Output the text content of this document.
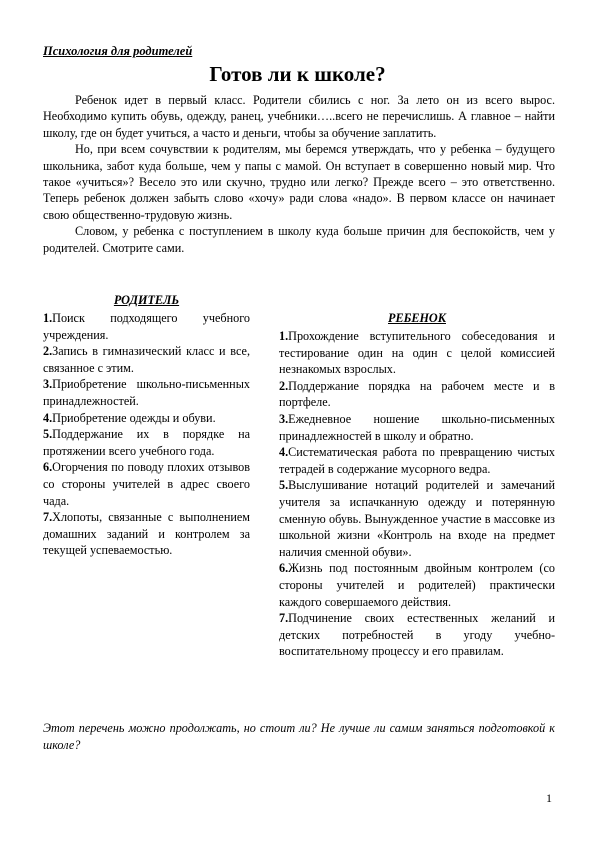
Психология для родителей
Готов ли к школе?

Ребенок идет в первый класс. Родители сбились с ног. За лето он из всего вырос. Необходимо купить обувь, одежду, ранец, учебники…..всего не перечислишь. А главное – найти школу, где он будет учиться, а часто и деньги, чтобы за обучение заплатить.

Но, при всем сочувствии к родителям, мы беремся утверждать, что у ребенка – будущего школьника, забот куда больше, чем у папы с мамой. Он вступает в совершенно новый мир. Что такое «учиться»? Весело это или скучно, трудно или легко? Прежде всего – это ответственно. Теперь ребенок должен забыть слово «хочу» ради слова «надо». В первом классе он начинает свою общественно-трудовую жизнь.

Словом, у ребенка с поступлением в школу куда больше причин для беспокойств, чем у родителей. Смотрите сами.

РОДИТЕЛЬ
1.Поиск подходящего учебного учреждения.
2.Запись в гимназический класс и все, связанное с этим.
3.Приобретение школьно-письменных принадлежностей.
4.Приобретение одежды и обуви.
5.Поддержание их в порядке на протяжении всего учебного года.
6.Огорчения по поводу плохих отзывов со стороны учителей в адрес своего чада.
7.Хлопоты, связанные с выполнением домашних заданий и контролем за текущей успеваемостью.
РЕБЕНОК
1.Прохождение вступительного собеседования и тестирование один на один с целой комиссией незнакомых взрослых.
2.Поддержание порядка на рабочем месте и в портфеле.
3.Ежедневное ношение школьно-письменных принадлежностей в школу и обратно.
4.Систематическая работа по превращению чистых тетрадей в содержание мусорного ведра.
5.Выслушивание нотаций родителей и замечаний учителя за испачканную одежду и потерянную сменную обувь. Вынужденное участие в массовке из школьной жизни «Контроль на входе на предмет наличия сменной обуви».
6.Жизнь под постоянным двойным контролем (со стороны учителей и родителей) практически каждого совершаемого действия.
7.Подчинение своих естественных желаний и детских потребностей в угоду учебно-воспитательному процессу и его правилам.
Этот перечень можно продолжать, но стоит ли? Не лучше ли самим заняться подготовкой к школе?
1
